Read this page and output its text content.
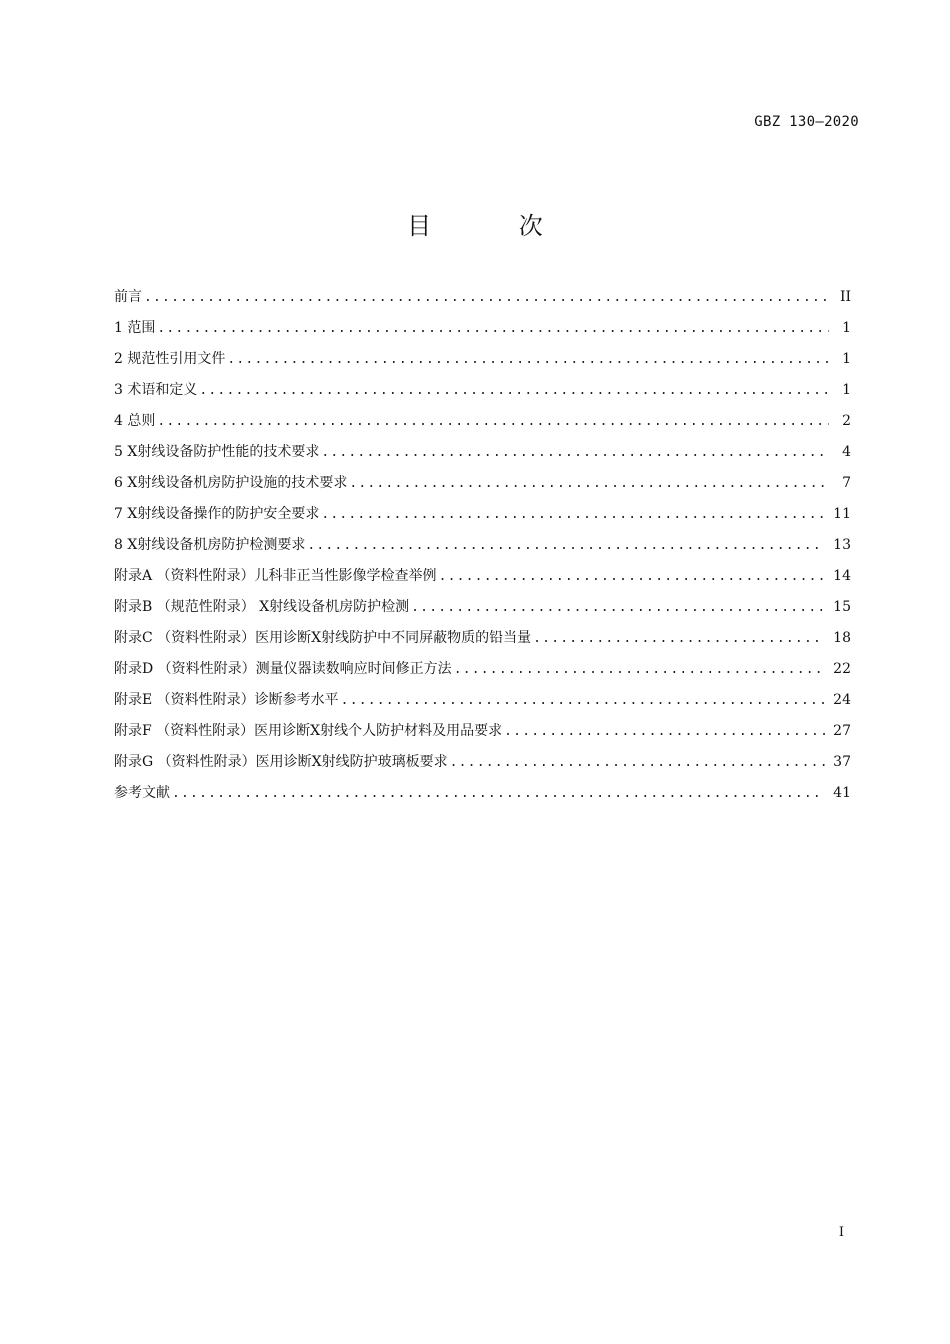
GBZ 130—2020
目 次
前言 .....	II
1 范围 .....	1
2 规范性引用文件 .....	1
3 术语和定义 .....	1
4 总则 .....	2
5 X射线设备防护性能的技术要求 .....	4
6 X射线设备机房防护设施的技术要求 .....	7
7 X射线设备操作的防护安全要求 .....	11
8 X射线设备机房防护检测要求 .....	13
附录A （资料性附录）儿科非正当性影像学检查举例 .....	14
附录B （规范性附录） X射线设备机房防护检测 .....	15
附录C （资料性附录）医用诊断X射线防护中不同屏蔽物质的铅当量 .....	18
附录D （资料性附录）测量仪器读数响应时间修正方法 .....	22
附录E （资料性附录）诊断参考水平 .....	24
附录F （资料性附录）医用诊断X射线个人防护材料及用品要求 .....	27
附录G （资料性附录）医用诊断X射线防护玻璃板要求 .....	37
参考文献 .....	41
I
